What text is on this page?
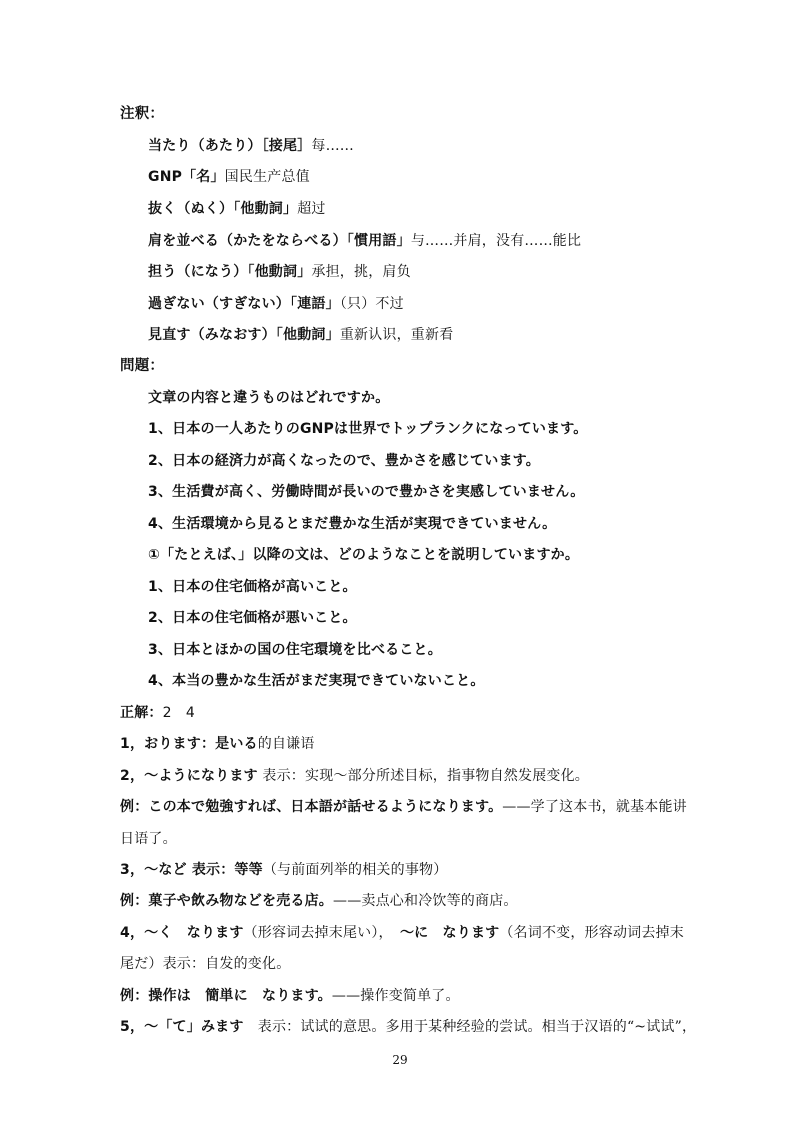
注釈：
当たり（あたり）［接尾］每……
GNP「名」国民生产总值
抜く（ぬく）「他動詞」超过
肩を並べる（かたをならべる）「慣用語」与……并肩，没有……能比
担う（になう）「他動詞」承担，挑，肩负
過ぎない（すぎない）「連語」（只）不过
見直す（みなおす）「他動詞」重新认识，重新看
問題：
文章の内容と違うものはどれですか。
1、日本の一人あたりのGNPは世界でトップランクになっています。
2、日本の経済力が高くなったので、豊かさを感じています。
3、生活費が高く、労働時間が長いので豊かさを実感していません。
4、生活環境から見るとまだ豊かな生活が実現できていません。
①「たとえば、」以降の文は、どのようなことを説明していますか。
1、日本の住宅価格が高いこと。
2、日本の住宅価格が悪いこと。
3、日本とほかの国の住宅環境を比べること。
4、本当の豊かな生活がまだ実現できていないこと。
正解：2　4
1，おります：是いる的自谦语
2，～ようになります 表示：实现～部分所述目标，指事物自然发展变化。
例：この本で勉強すれば、日本語が話せるようになります。——学了这本书，就基本能讲
日语了。
3，～など 表示：等等（与前面列举的相关的事物）
例：菓子や飲み物などを売る店。——卖点心和冷饮等的商店。
4，～く　なります（形容词去掉末尾い），　～に　なります（名词不变，形容动词去掉末
尾だ）表示：自发的变化。
例：操作は　簡単に　なります。——操作变简单了。
5，～「て」みます　表示：试试的意思。多用于某种经验的尝试。相当于汉语的“~试试”，
29
